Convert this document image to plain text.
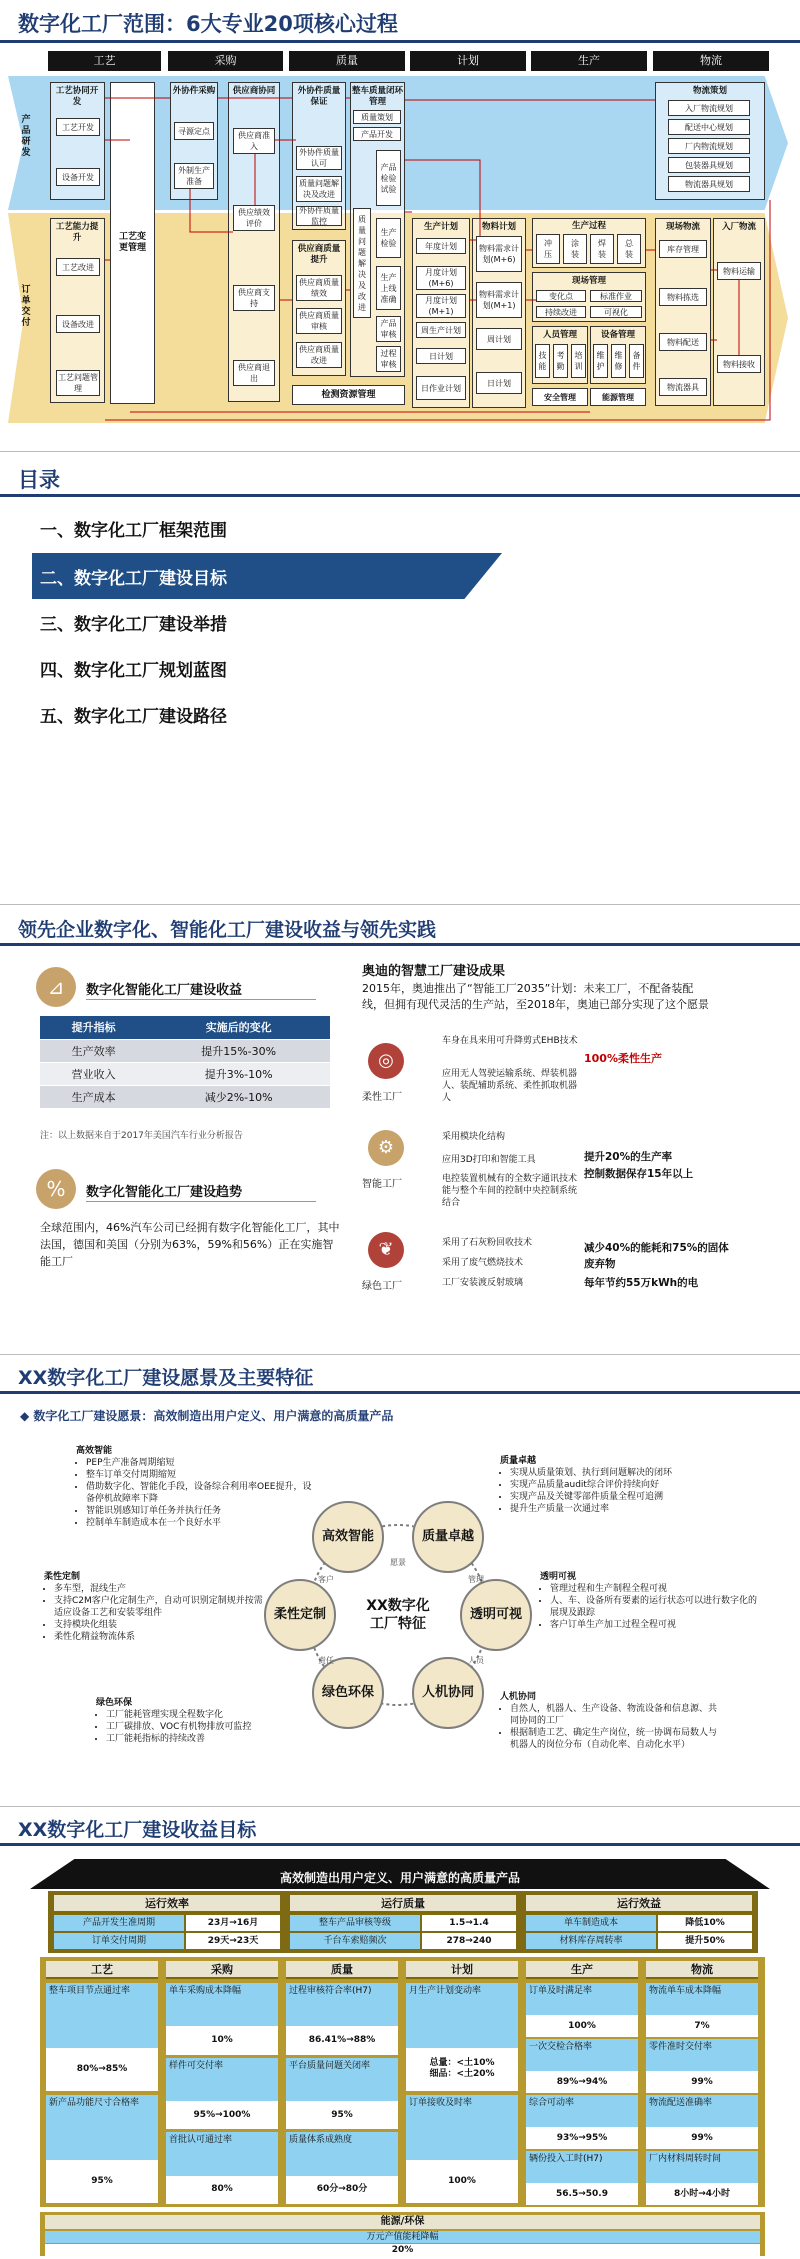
数字化工厂范围：6大专业20项核心过程
产品研发
订单交付
工艺	采购	质量	计划	生产	物流
工艺协同开发
工艺开发
设备开发
工艺能力提升
工艺改进
设备改进
工艺问题管理
工艺变更管理
外协件采购
寻源定点
外制生产准备
供应商协同
供应商准入
供应绩效评价
供应商支持
供应商退出
外协件质量保证
外协件质量认可
质量问题解决及改进
外协件质量监控
整车质量闭环管理
质量策划
产品开发
产品检验试验
质量问题解决及改进
生产检验
生产上线准确
产品审核
过程审核
供应商质量提升
供应商质量绩效
供应商质量审核
供应商质量改进
检测资源管理
生产计划
年度计划
月度计划(M+6)
月度计划(M+1)
周生产计划
日计划
日作业计划
物料计划
物料需求计划(M+6)
物料需求计划(M+1)
周计划
日计划
生产过程
冲压
涂装
焊装
总装
现场管理
变化点	标准作业
持续改进	可视化
人员管理
技能
考勤
培训
设备管理
维护
维修
备件
安全管理	能源管理
物流策划
入厂物流规划
配送中心规划
厂内物流规划
包装器具规划
物流器具规划
现场物流
库存管理
物料拣选
物料配送
物流器具
入厂物流
物料运输
物料接收
目录
一、数字化工厂框架范围
二、数字化工厂建设目标
三、数字化工厂建设举措
四、数字化工厂规划蓝图
五、数字化工厂建设路径
领先企业数字化、智能化工厂建设收益与领先实践
⊿	数字化智能化工厂建设收益
提升指标	实施后的变化
生产效率	提升15%-30%
营业收入	提升3%-10%
生产成本	减少2%-10%
注：以上数据来自于2017年美国汽车行业分析报告
%	数字化智能化工厂建设趋势
全球范围内，46%汽车公司已经拥有数字化智能化工厂，其中法国，德国和美国（分别为63%，59%和56%）正在实施智能工厂
奥迪的智慧工厂建设成果
2015年，奥迪推出了“智能工厂2035”计划：未来工厂，不配备装配线，但拥有现代灵活的生产站，至2018年，奥迪已部分实现了这个愿景
◎
柔性工厂
车身在具来用可升降剪式EHB技术
应用无人驾驶运输系统、焊装机器人、装配辅助系统、柔性抓取机器人
100%柔性生产
⚙
智能工厂
采用模块化结构
应用3D打印和智能工具
电控装置机械有的全数字通讯技术能与整个车间的控制中央控制系统结合
提升20%的生产率
控制数据保存15年以上
❦
绿色工厂
采用了石灰粉回收技术
采用了废气燃烧技术
工厂安装渡反射玻璃
减少40%的能耗和75%的固体废弃物
每年节约55万kWh的电
XX数字化工厂建设愿景及主要特征
◆ 数字化工厂建设愿景：高效制造出用户定义、用户满意的高质量产品
XX数字化工厂特征
高效智能	质量卓越
透明可视
人机协同
绿色环保
柔性定制
愿景
管理
人员
责任
客户
高效智能
• PEP生产准备周期缩短
• 整车订单交付周期缩短
• 借助数字化、智能化手段，设备综合利用率OEE提升，设备停机故障率下降
• 智能识别感知订单任务并执行任务
• 控制单车制造成本在一个良好水平
质量卓越
• 实现从质量策划、执行到问题解决的闭环
• 实现产品质量audit综合评价持续向好
• 实现产品及关键零部件质量全程可追溯
• 提升生产质量一次通过率
柔性定制
• 多车型，混线生产
• 支持C2M客户化定制生产，自动可识别定制规并按需适应设备工艺和安装零组件
• 支持模块化组装
• 柔性化精益物流体系
透明可视
• 管理过程和生产制程全程可视
• 人、车、设备所有要素的运行状态可以进行数字化的展现及跟踪
• 客户订单生产加工过程全程可视
绿色环保
• 工厂能耗管理实现全程数字化
• 工厂碳排放、VOC有机物排放可监控
• 工厂能耗指标的持续改善
人机协同
• 自然人，机器人、生产设备、物流设备和信息源、共同协同的工厂
• 根据制造工艺、确定生产岗位，统一协调布局数人与机器人的岗位分布（自动化率、自动化水平）
XX数字化工厂建设收益目标
高效制造出用户定义、用户满意的高质量产品
运行效率
产品开发生准周期	23月→16月
订单交付周期	29天→23天
运行质量
整车产品审核等级	1.5→1.4
千台车索赔频次	278→240
运行效益
单车制造成本	降低10%
材料库存周转率	提升50%
工艺
整车项目节点通过率
80%→85%
新产品功能尺寸合格率
95%
采购
单车采购成本降幅
10%
样件可交付率
95%→100%
首批认可通过率
80%
质量
过程审核符合率(H7)
86.41%→88%
平台质量问题关闭率
95%
质量体系成熟度
60分→80分
计划
月生产计划变动率
总量：<土10%
细品：<土20%
订单接收及时率
100%
生产
订单及时满足率
100%
一次交检合格率
89%→94%
综合可动率
93%→95%
辆份投入工时(H7)
56.5→50.9
物流
物流单车成本降幅
7%
零件准时交付率
99%
物流配送准确率
99%
厂内材料周转时间
8小时→4小时
能源/环保
万元产值能耗降幅
20%
